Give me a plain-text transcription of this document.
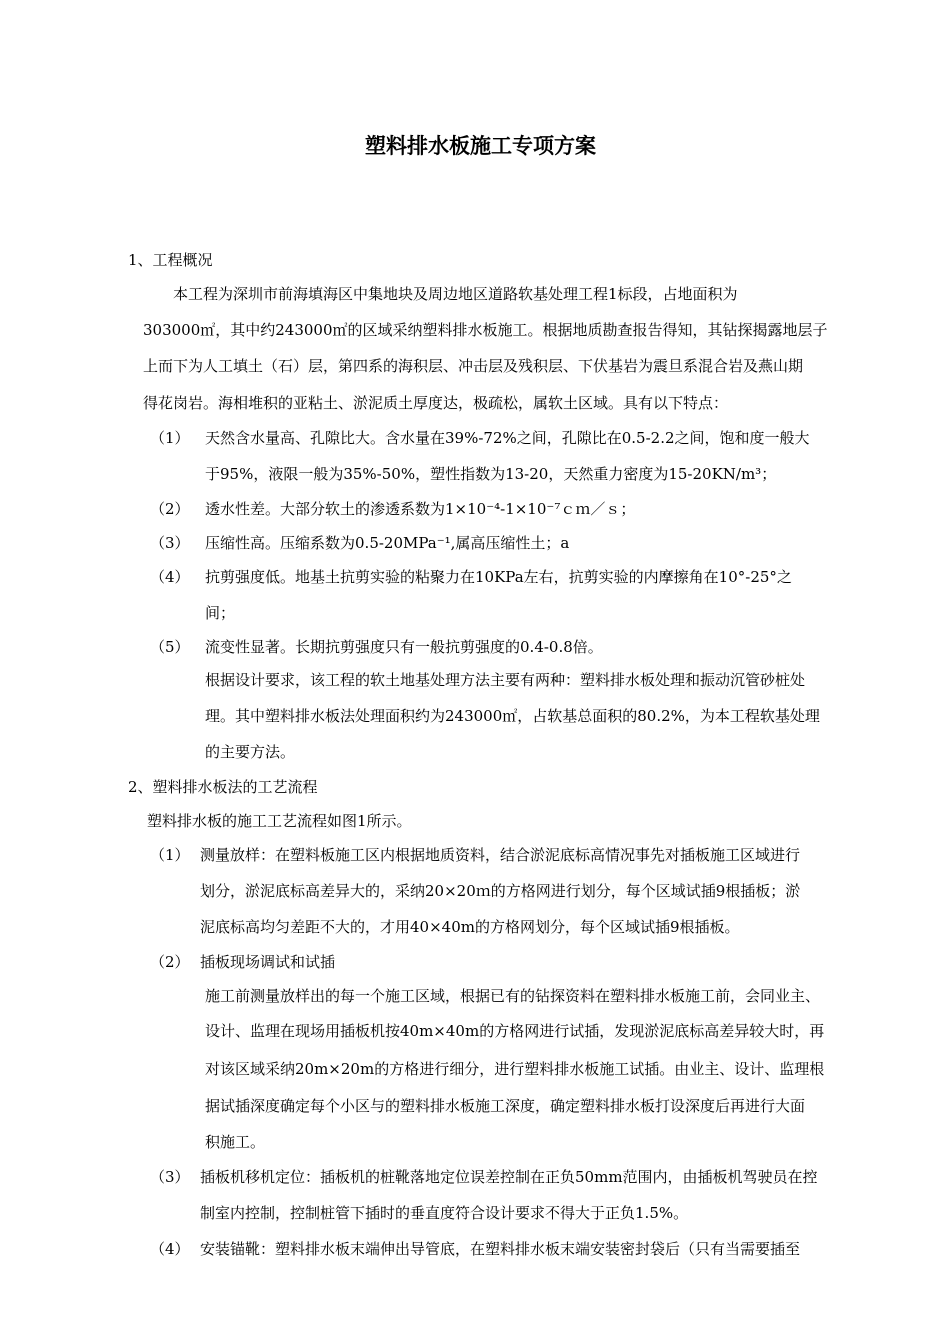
塑料排水板施工专项方案
1、工程概况
本工程为深圳市前海填海区中集地块及周边地区道路软基处理工程1标段，占地面积为
303000㎡，其中约243000㎡的区域采纳塑料排水板施工。根据地质勘查报告得知，其钻探揭露地层子
上而下为人工填土（石）层，第四系的海积层、冲击层及残积层、下伏基岩为震旦系混合岩及燕山期
得花岗岩。海相堆积的亚粘土、淤泥质土厚度达，极疏松，属软土区域。具有以下特点：
（1） 天然含水量高、孔隙比大。含水量在39%-72%之间，孔隙比在0.5-2.2之间，饱和度一般大
于95%，液限一般为35%-50%，塑性指数为13-20，天然重力密度为15-20KN/m³；
（2） 透水性差。大部分软土的渗透系数为1×10⁻⁴-1×10⁻⁷ｃｍ／ｓ；
（3） 压缩性高。压缩系数为0.5-20MPa⁻¹,属高压缩性土；a
（4） 抗剪强度低。地基土抗剪实验的粘聚力在10KPa左右，抗剪实验的内摩擦角在10°-25°之
间；
（5） 流变性显著。长期抗剪强度只有一般抗剪强度的0.4-0.8倍。
根据设计要求，该工程的软土地基处理方法主要有两种：塑料排水板处理和振动沉管砂桩处
理。其中塑料排水板法处理面积约为243000㎡，占软基总面积的80.2%，为本工程软基处理
的主要方法。
2、塑料排水板法的工艺流程
塑料排水板的施工工艺流程如图1所示。
（1） 测量放样：在塑料板施工区内根据地质资料，结合淤泥底标高情况事先对插板施工区域进行
划分，淤泥底标高差异大的，采纳20×20ｍ的方格网进行划分，每个区域试插9根插板；淤
泥底标高均匀差距不大的，才用40×40m的方格网划分，每个区域试插9根插板。
（2） 插板现场调试和试插
施工前测量放样出的每一个施工区域，根据已有的钻探资料在塑料排水板施工前，会同业主、
设计、监理在现场用插板机按40m×40m的方格网进行试插，发现淤泥底标高差异较大时，再
对该区域采纳20m×20m的方格进行细分，进行塑料排水板施工试插。由业主、设计、监理根
据试插深度确定每个小区与的塑料排水板施工深度，确定塑料排水板打设深度后再进行大面
积施工。
（3） 插板机移机定位：插板机的桩靴落地定位误差控制在正负50mm范围内，由插板机驾驶员在控
制室内控制，控制桩管下插时的垂直度符合设计要求不得大于正负1.5%。
（4） 安装锚靴：塑料排水板末端伸出导管底，在塑料排水板末端安装密封袋后（只有当需要插至
